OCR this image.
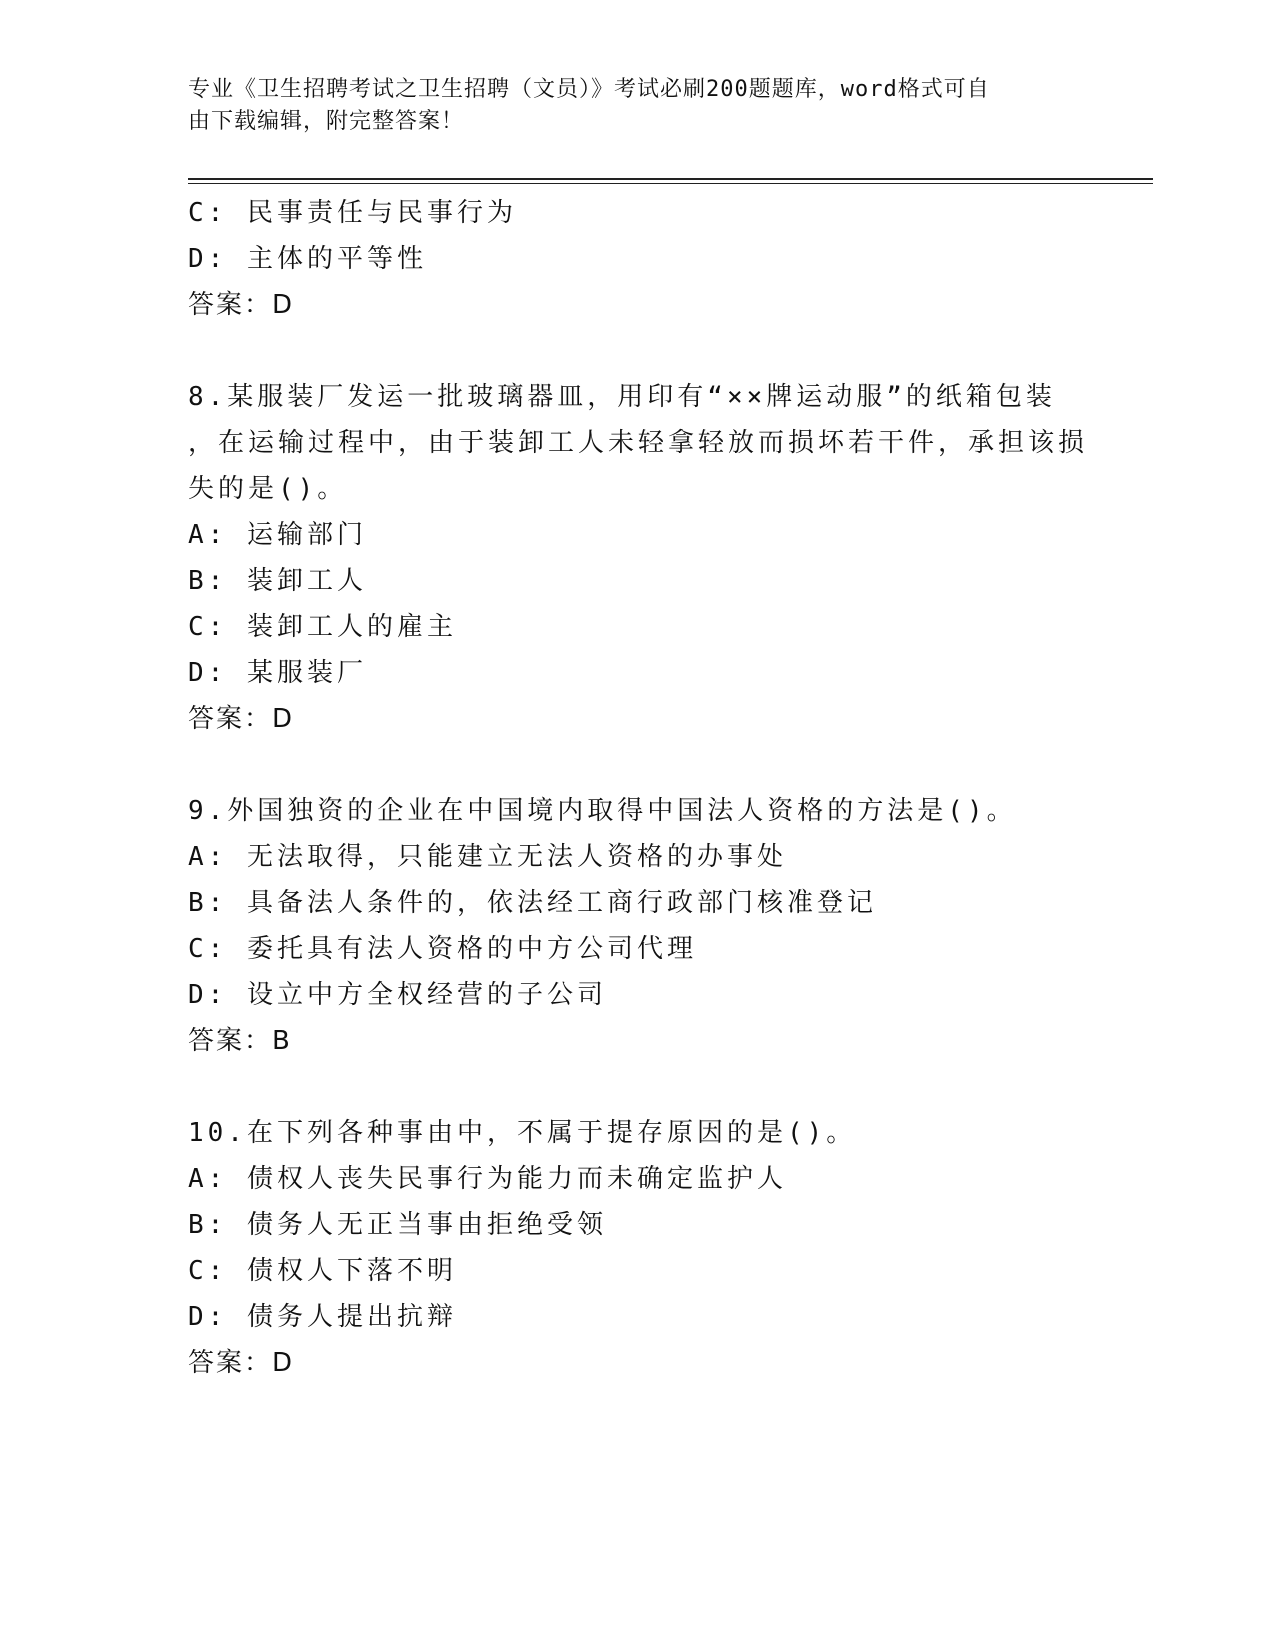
专业《卫生招聘考试之卫生招聘（文员）》考试必刷200题题库，word格式可自
由下载编辑，附完整答案！
C: 民事责任与民事行为
D: 主体的平等性
答案：D
8.某服装厂发运一批玻璃器皿，用印有“××牌运动服”的纸箱包装
，在运输过程中，由于装卸工人未轻拿轻放而损坏若干件，承担该损
失的是()。
A: 运输部门
B: 装卸工人
C: 装卸工人的雇主
D: 某服装厂
答案：D
9.外国独资的企业在中国境内取得中国法人资格的方法是()。
A: 无法取得，只能建立无法人资格的办事处
B: 具备法人条件的，依法经工商行政部门核准登记
C: 委托具有法人资格的中方公司代理
D: 设立中方全权经营的子公司
答案：B
10.在下列各种事由中，不属于提存原因的是()。
A: 债权人丧失民事行为能力而未确定监护人
B: 债务人无正当事由拒绝受领
C: 债权人下落不明
D: 债务人提出抗辩
答案：D
